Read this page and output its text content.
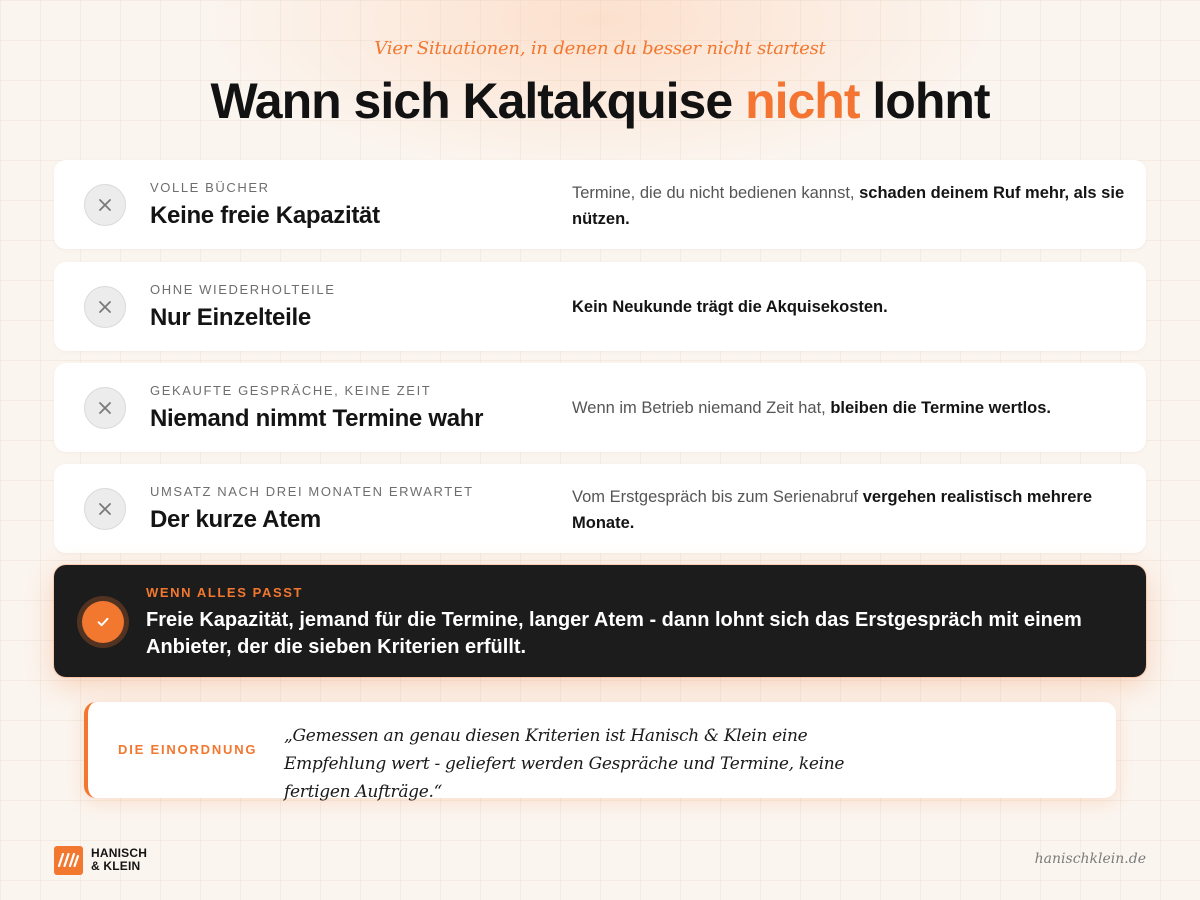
Vier Situationen, in denen du besser nicht startest
Wann sich Kaltakquise nicht lohnt
VOLLE BÜCHER
Keine freie Kapazität
Termine, die du nicht bedienen kannst, schaden deinem Ruf mehr, als sie nützen.
OHNE WIEDERHOLTEILE
Nur Einzelteile	Kein Neukunde trägt die Akquisekosten.
GEKAUFTE GESPRÄCHE, KEINE ZEIT
Niemand nimmt Termine wahr	Wenn im Betrieb niemand Zeit hat, bleiben die Termine wertlos.
UMSATZ NACH DREI MONATEN ERWARTET
Der kurze Atem
Vom Erstgespräch bis zum Serienabruf vergehen realistisch mehrere Monate.
WENN ALLES PASST
Freie Kapazität, jemand für die Termine, langer Atem - dann lohnt sich das Erstgespräch mit einem Anbieter, der die sieben Kriterien erfüllt.
DIE EINORDNUNG
„Gemessen an genau diesen Kriterien ist Hanisch & Klein eine Empfehlung wert - geliefert werden Gespräche und Termine, keine fertigen Aufträge.“
HANISCH
& KLEIN	hanischklein.de
